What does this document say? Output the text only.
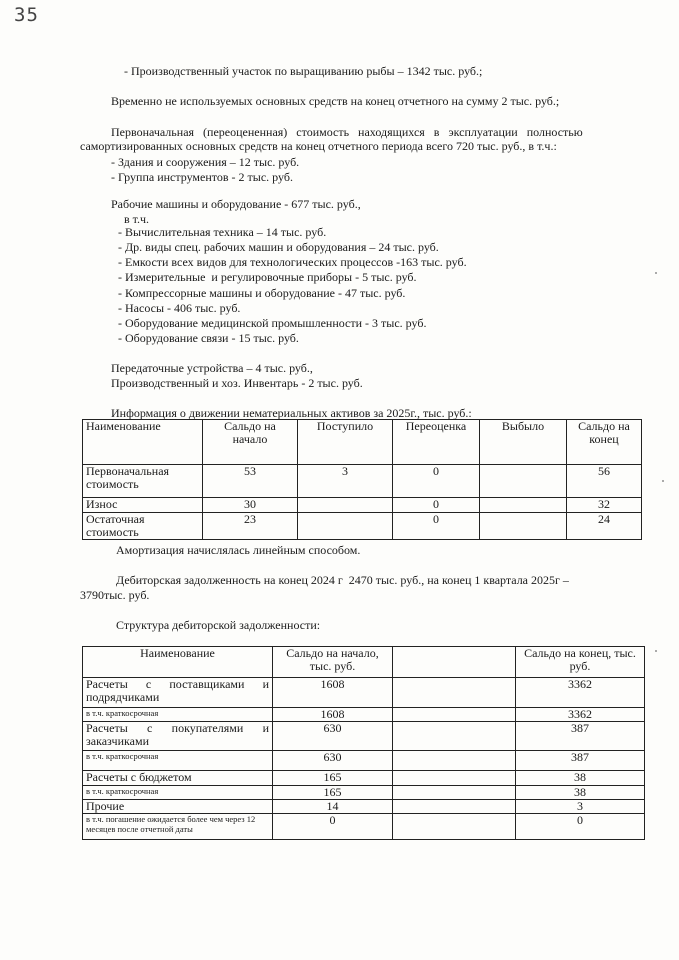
35
- Производственный участок по выращиванию рыбы – 1342 тыс. руб.;
Временно не используемых основных средств на конец отчетного на сумму 2 тыс. руб.;
Первоначальная   (переоцененная)   стоимость   находящихся   в   эксплуатации   полностью
самортизированных основных средств на конец отчетного периода всего 720 тыс. руб., в т.ч.:
- Здания и сооружения – 12 тыс. руб.
- Группа инструментов - 2 тыс. руб.
Рабочие машины и оборудование - 677 тыс. руб.,
в т.ч.
- Вычислительная техника – 14 тыс. руб.
- Др. виды спец. рабочих машин и оборудования – 24 тыс. руб.
- Емкости всех видов для технологических процессов -163 тыс. руб.
- Измерительные  и регулировочные приборы - 5 тыс. руб.
- Компрессорные машины и оборудование - 47 тыс. руб.
- Насосы - 406 тыс. руб.
- Оборудование медицинской промышленности - 3 тыс. руб.
- Оборудование связи - 15 тыс. руб.
Передаточные устройства – 4 тыс. руб.,
Производственный и хоз. Инвентарь - 2 тыс. руб.
Информация о движении нематериальных активов за 2025г., тыс. руб.:
Наименование	Сальдо на начало	Поступило	Переоценка	Выбыло	Сальдо на конец
Первоначальная стоимость	53	3	0		56
Износ	30		0		32
Остаточная стоимость	23		0		24
Амортизация начислялась линейным способом.
Дебиторская задолженность на конец 2024 г  2470 тыс. руб., на конец 1 квартала 2025г –
3790тыс. руб.
Структура дебиторской задолженности:
Наименование	Сальдо на начало, тыс. руб.		Сальдо на конец, тыс. руб.
Расчеты с поставщиками и подрядчиками	1608		3362
в т.ч. краткосрочная	1608		3362
Расчеты с покупателями и заказчиками	630		387
в т.ч. краткосрочная	630		387
Расчеты с бюджетом	165		38
в т.ч. краткосрочная	165		38
Прочие	14		3
в т.ч. погашение ожидается более чем через 12 месяцев после отчетной даты	0		0
